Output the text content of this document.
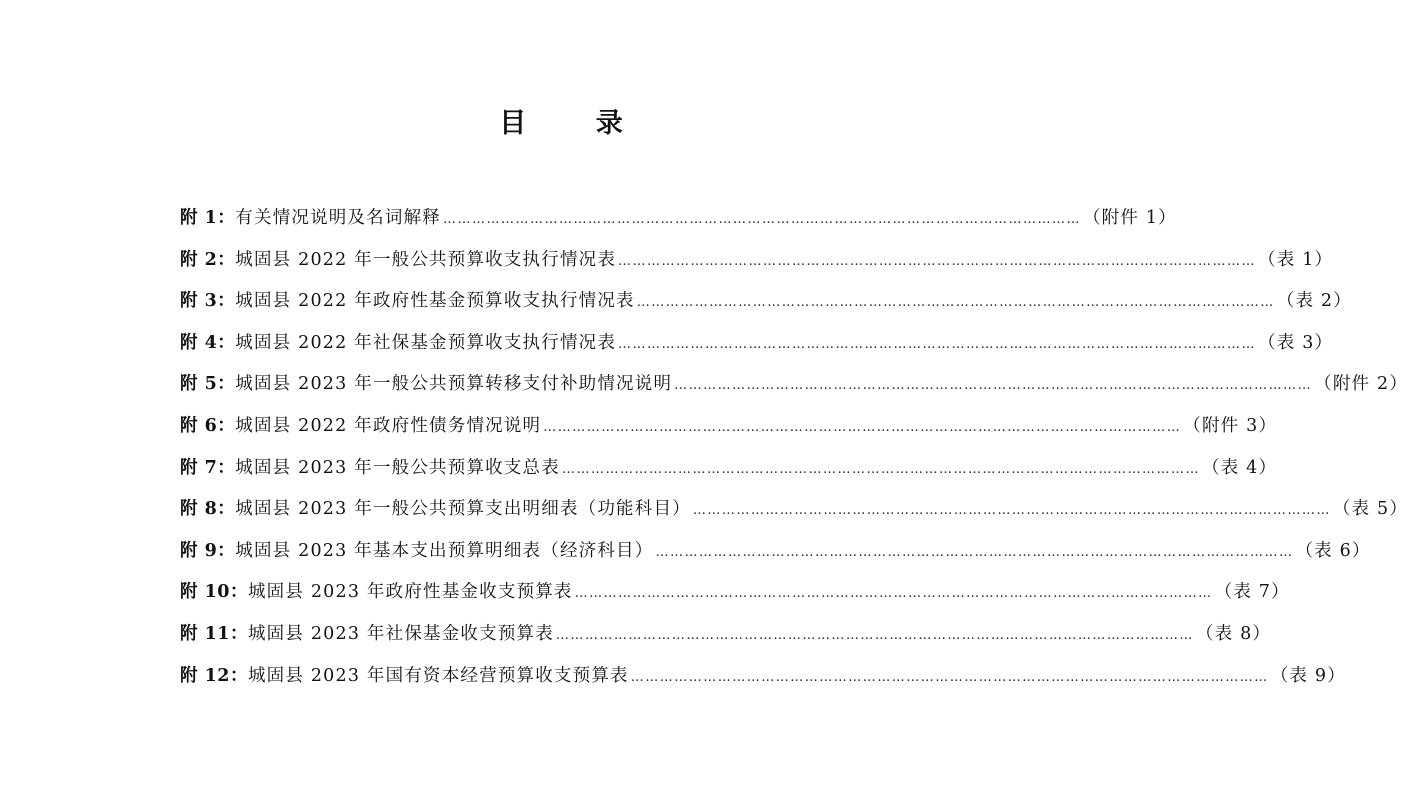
目 录
附 1： 有关情况说明及名词解释 …………………………………………………………………………………………………………………… （附件 1）
附 2： 城固县 2022 年一般公共预算收支执行情况表 …………………………………………………………………………………………………………………… （表 1）
附 3： 城固县 2022 年政府性基金预算收支执行情况表 …………………………………………………………………………………………………………………… （表 2）
附 4： 城固县 2022 年社保基金预算收支执行情况表 …………………………………………………………………………………………………………………… （表 3）
附 5： 城固县 2023 年一般公共预算转移支付补助情况说明 …………………………………………………………………………………………………………………… （附件 2）
附 6： 城固县 2022 年政府性债务情况说明 …………………………………………………………………………………………………………………… （附件 3）
附 7： 城固县 2023 年一般公共预算收支总表 …………………………………………………………………………………………………………………… （表 4）
附 8： 城固县 2023 年一般公共预算支出明细表（功能科目） …………………………………………………………………………………………………………………… （表 5）
附 9： 城固县 2023 年基本支出预算明细表（经济科目） …………………………………………………………………………………………………………………… （表 6）
附 10： 城固县 2023 年政府性基金收支预算表 …………………………………………………………………………………………………………………… （表 7）
附 11： 城固县 2023 年社保基金收支预算表 …………………………………………………………………………………………………………………… （表 8）
附 12： 城固县 2023 年国有资本经营预算收支预算表 …………………………………………………………………………………………………………………… （表 9）
